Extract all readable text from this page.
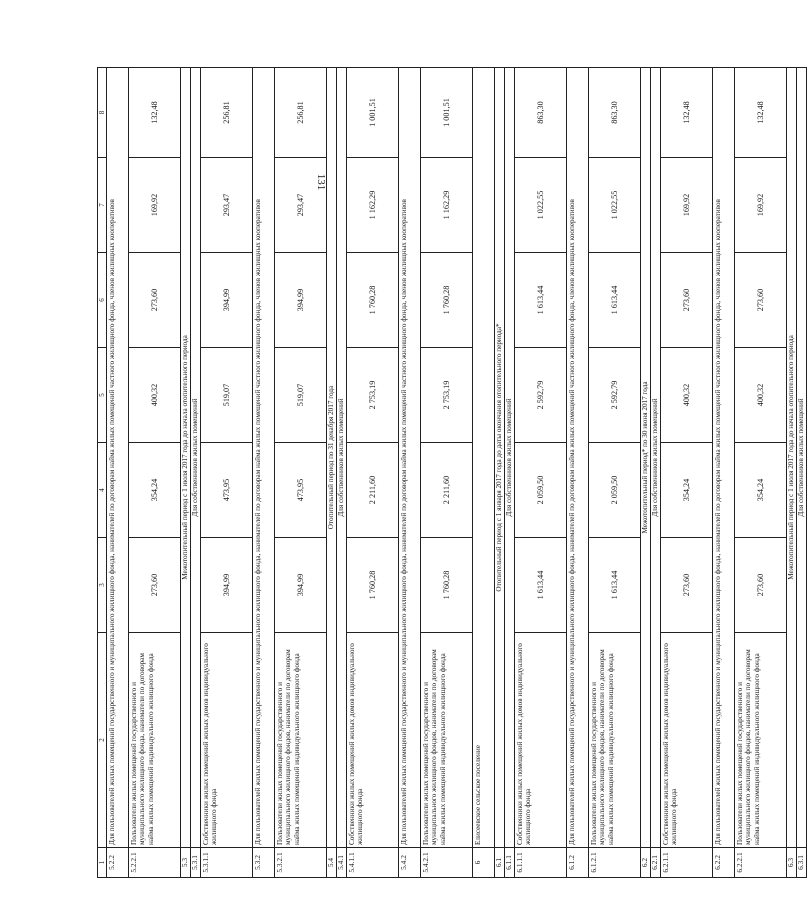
131
1	2	3	4	5	6	7	8
5.2.2	Для пользователей жилых помещений государственного и муниципального жилищного фонда, нанимателей по договорам найма жилых помещений частного жилищного фонда, членов жилищных кооперативов						
5.2.2.1	Пользователи жилых помещений государственного и муниципального жилищного фонда, наниматели по договорам найма жилых помещений индивидуального жилищного фонда	273,60	354,24	400,32	273,60	169,92	132,48
5.3	Межотопительный период с 1 июля 2017 года до начала отопительного периода						
5.3.1	Для собственников жилых помещений						
5.3.1.1	Собственники жилых помещений жилых домов индивидуального жилищного фонда	394,99	473,95	519,07	394,99	293,47	256,81
5.3.2	Для пользователей жилых помещений государственного и муниципального жилищного фонда, нанимателей по договорам найма жилых помещений частного жилищного фонда, членов жилищных кооперативов						
5.3.2.1	Пользователи жилых помещений государственного и муниципального жилищного фондов, наниматели по договорам найма жилых помещений индивидуального жилищного фонда	394,99	473,95	519,07	394,99	293,47	256,81
5.4	Отопительный период по 31 декабря 2017 года						
5.4.1	Для собственников жилых помещений						
5.4.1.1	Собственники жилых помещений жилых домов индивидуального жилищного фонда	1 760,28	2 211,60	2 753,19	1 760,28	1 162,29	1 001,51
5.4.2	Для пользователей жилых помещений государственного и муниципального жилищного фонда, нанимателей по договорам найма жилых помещений частного жилищного фонда, членов жилищных кооперативов						
5.4.2.1	Пользователи жилых помещений государственного и муниципального жилищного фондов, наниматели по договорам найма жилых помещений индивидуального жилищного фонда	1 760,28	2 211,60	2 753,19	1 760,28	1 162,29	1 001,51
6	Елисеевское сельское поселение						
6.1	Отопительный период с 1 января 2017 года до даты окончания отопительного периода*						
6.1.1	Для собственников жилых помещений						
6.1.1.1	Собственники жилых помещений жилых домов индивидуального жилищного фонда	1 613,44	2 059,50	2 592,79	1 613,44	1 022,55	863,30
6.1.2	Для пользователей жилых помещений государственного и муниципального жилищного фонда, нанимателей по договорам найма жилых помещений частного жилищного фонда, членов жилищных кооперативов						
6.1.2.1	Пользователи жилых помещений государственного и муниципального жилищного фондов, наниматели по договорам найма жилых помещений индивидуального жилищного фонда	1 613,44	2 059,50	2 592,79	1 613,44	1 022,55	863,30
6.2	Межотопительный период* по 30 июня 2017 года						
6.2.1	Для собственников жилых помещений						
6.2.1.1	Собственники жилых помещений жилых домов индивидуального жилищного фонда	273,60	354,24	400,32	273,60	169,92	132,48
6.2.2	Для пользователей жилых помещений государственного и муниципального жилищного фонда, нанимателей по договорам найма жилых помещений частного жилищного фонда, членов жилищных кооперативов						
6.2.2.1	Пользователи жилых помещений государственного и муниципального жилищного фондов, наниматели по договорам найма жилых помещений индивидуального жилищного фонда	273,60	354,24	400,32	273,60	169,92	132,48
6.3	Межотопительный период с 1 июля 2017 года до начала отопительного периода						
6.3.1	Для собственников жилых помещений						
